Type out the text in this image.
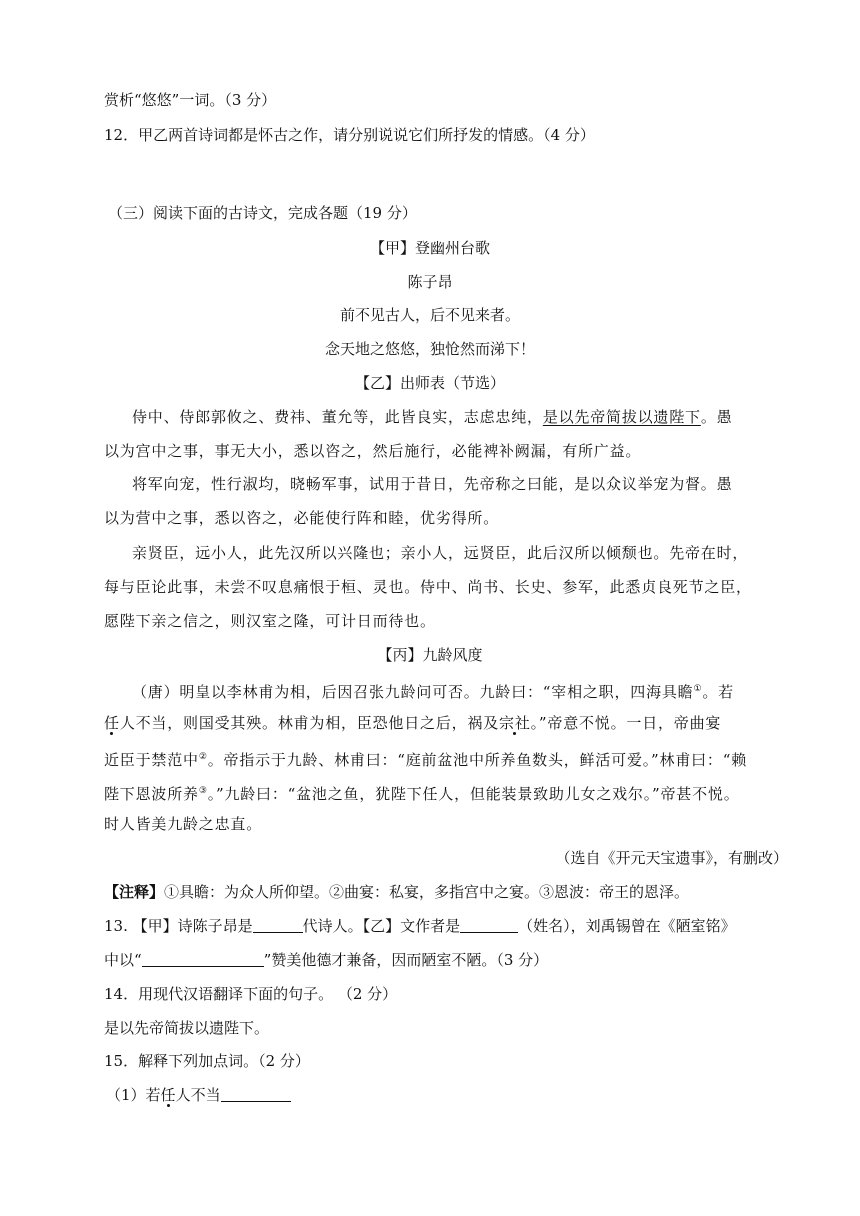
赏析“悠悠”一词。（3 分）
12．甲乙两首诗词都是怀古之作，请分别说说它们所抒发的情感。（4 分）
（三）阅读下面的古诗文，完成各题（19 分）
【甲】登幽州台歌
陈子昂
前不见古人，后不见来者。
念天地之悠悠，独怆然而涕下！
【乙】出师表（节选）
侍中、侍郎郭攸之、费祎、董允等，此皆良实，志虑忠纯，是以先帝简拔以遗陛下。愚
以为宫中之事，事无大小，悉以咨之，然后施行，必能裨补阙漏，有所广益。
将军向宠，性行淑均，晓畅军事，试用于昔日，先帝称之曰能，是以众议举宠为督。愚
以为营中之事，悉以咨之，必能使行阵和睦，优劣得所。
亲贤臣，远小人，此先汉所以兴隆也；亲小人，远贤臣，此后汉所以倾颓也。先帝在时，
每与臣论此事，未尝不叹息痛恨于桓、灵也。侍中、尚书、长史、参军，此悉贞良死节之臣，
愿陛下亲之信之，则汉室之隆，可计日而待也。
【丙】九龄风度
（唐）明皇以李林甫为相，后因召张九龄问可否。九龄曰：“宰相之职，四海具瞻①。若
任人不当，则国受其殃。林甫为相，臣恐他日之后，祸及宗社。”帝意不悦。一日，帝曲宴
近臣于禁范中②。帝指示于九龄、林甫曰：“庭前盆池中所养鱼数头，鲜活可爱。”林甫曰：“赖
陛下恩波所养③。”九龄曰：“盆池之鱼，犹陛下任人，但能装景致助儿女之戏尔。”帝甚不悦。
时人皆美九龄之忠直。
（选自《开元天宝遗事》，有删改）
【注释】①具瞻：为众人所仰望。②曲宴：私宴，多指宫中之宴。③恩波：帝王的恩泽。
13. 【甲】诗陈子昂是	代诗人。【乙】文作者是	（姓名），刘禹锡曾在《陋室铭》
中以“	”赞美他德才兼备，因而陋室不陋。（3 分）
14．用现代汉语翻译下面的句子。 （2 分）
是以先帝简拔以遗陛下。
15．解释下列加点词。（2 分）
（1）若任人不当
